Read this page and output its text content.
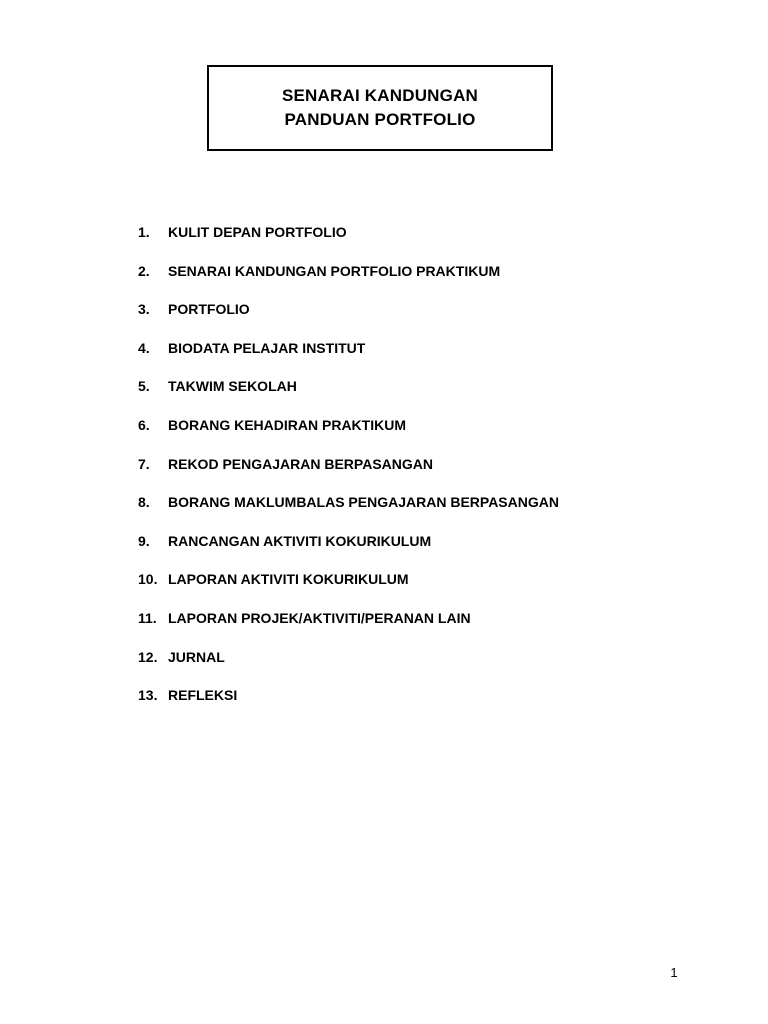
SENARAI KANDUNGAN
PANDUAN PORTFOLIO
1.	KULIT DEPAN PORTFOLIO
2.	SENARAI KANDUNGAN PORTFOLIO PRAKTIKUM
3.	PORTFOLIO
4.	BIODATA PELAJAR INSTITUT
5.	TAKWIM SEKOLAH
6.	BORANG KEHADIRAN PRAKTIKUM
7.	REKOD PENGAJARAN BERPASANGAN
8.	BORANG MAKLUMBALAS PENGAJARAN BERPASANGAN
9.	RANCANGAN AKTIVITI KOKURIKULUM
10. LAPORAN AKTIVITI KOKURIKULUM
11. LAPORAN PROJEK/AKTIVITI/PERANAN LAIN
12. JURNAL
13. REFLEKSI
1
